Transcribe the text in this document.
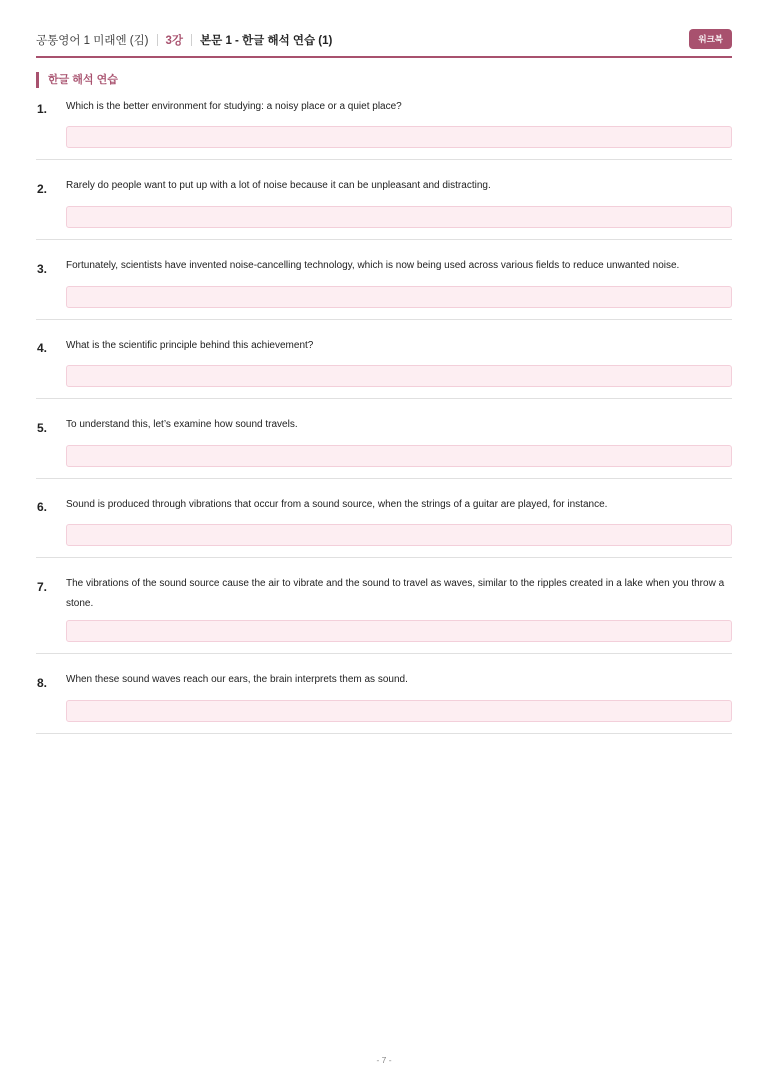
공통영어 1 미래엔 (김) 3강 본문 1 - 한글 해석 연습 (1)	워크북
한글 해석 연습
1. Which is the better environment for studying: a noisy place or a quiet place?
2. Rarely do people want to put up with a lot of noise because it can be unpleasant and distracting.
3. Fortunately, scientists have invented noise-cancelling technology, which is now being used across various fields to reduce unwanted noise.
4. What is the scientific principle behind this achievement?
5. To understand this, let’s examine how sound travels.
6. Sound is produced through vibrations that occur from a sound source, when the strings of a guitar are played, for instance.
7. The vibrations of the sound source cause the air to vibrate and the sound to travel as waves, similar to the ripples created in a lake when you throw a stone.
8. When these sound waves reach our ears, the brain interprets them as sound.
- 7 -
